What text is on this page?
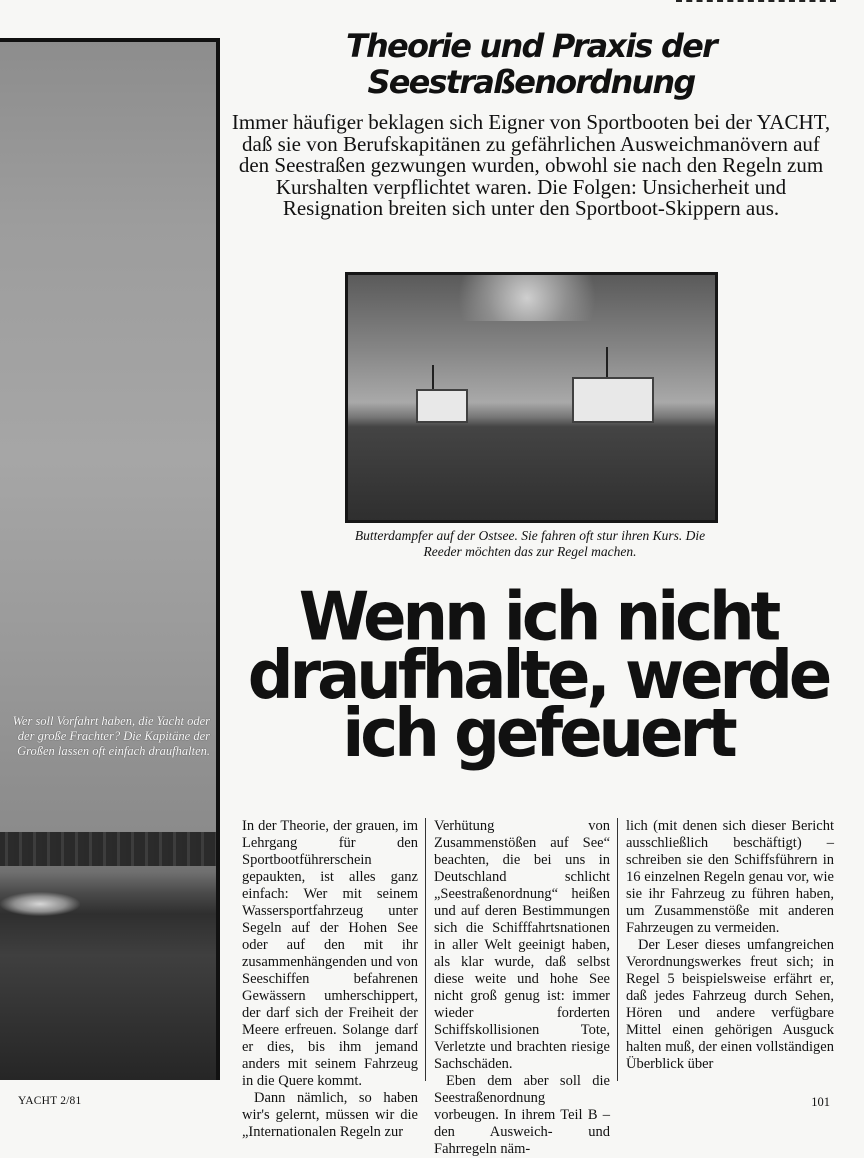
Wer soll Vorfahrt haben, die Yacht oder der große Frachter? Die Kapitäne der Großen lassen oft einfach draufhalten.
Theorie und Praxis der Seestraßenordnung
Immer häufiger beklagen sich Eigner von Sportbooten bei der YACHT, daß sie von Berufskapitänen zu gefährlichen Ausweichmanövern auf den Seestraßen gezwungen wurden, obwohl sie nach den Regeln zum Kurshalten verpflichtet waren. Die Folgen: Unsicherheit und Resignation breiten sich unter den Sportboot-Skippern aus.
Butterdampfer auf der Ostsee. Sie fahren oft stur ihren Kurs. Die Reeder möchten das zur Regel machen.
Wenn ich nicht draufhalte, werde ich gefeuert

In der Theorie, der grauen, im Lehrgang für den Sportbootführerschein gepaukten, ist alles ganz einfach: Wer mit seinem Wassersportfahrzeug unter Segeln auf der Hohen See oder auf den mit ihr zusammenhängenden und von Seeschiffen befahrenen Gewässern umherschippert, der darf sich der Freiheit der Meere erfreuen. Solange darf er dies, bis ihm jemand anders mit seinem Fahrzeug in die Quere kommt.

Dann nämlich, so haben wir's gelernt, müssen wir die „Internationalen Regeln zur

Verhütung von Zusammenstößen auf See“ beachten, die bei uns in Deutschland schlicht „Seestraßenordnung“ heißen und auf deren Bestimmungen sich die Schifffahrtsnationen in aller Welt geeinigt haben, als klar wurde, daß selbst diese weite und hohe See nicht groß genug ist: immer wieder forderten Schiffskollisionen Tote, Verletzte und brachten riesige Sachschäden.

Eben dem aber soll die Seestraßenordnung vorbeugen. In ihrem Teil B – den Ausweich- und Fahrregeln näm-

lich (mit denen sich dieser Bericht ausschließlich beschäftigt) – schreiben sie den Schiffsführern in 16 einzelnen Regeln genau vor, wie sie ihr Fahrzeug zu führen haben, um Zusammenstöße mit anderen Fahrzeugen zu vermeiden.

Der Leser dieses umfangreichen Verordnungswerkes freut sich; in Regel 5 beispielsweise erfährt er, daß jedes Fahrzeug durch Sehen, Hören und andere verfügbare Mittel einen gehörigen Ausguck halten muß, der einen vollständigen Überblick über

YACHT 2/81	101
